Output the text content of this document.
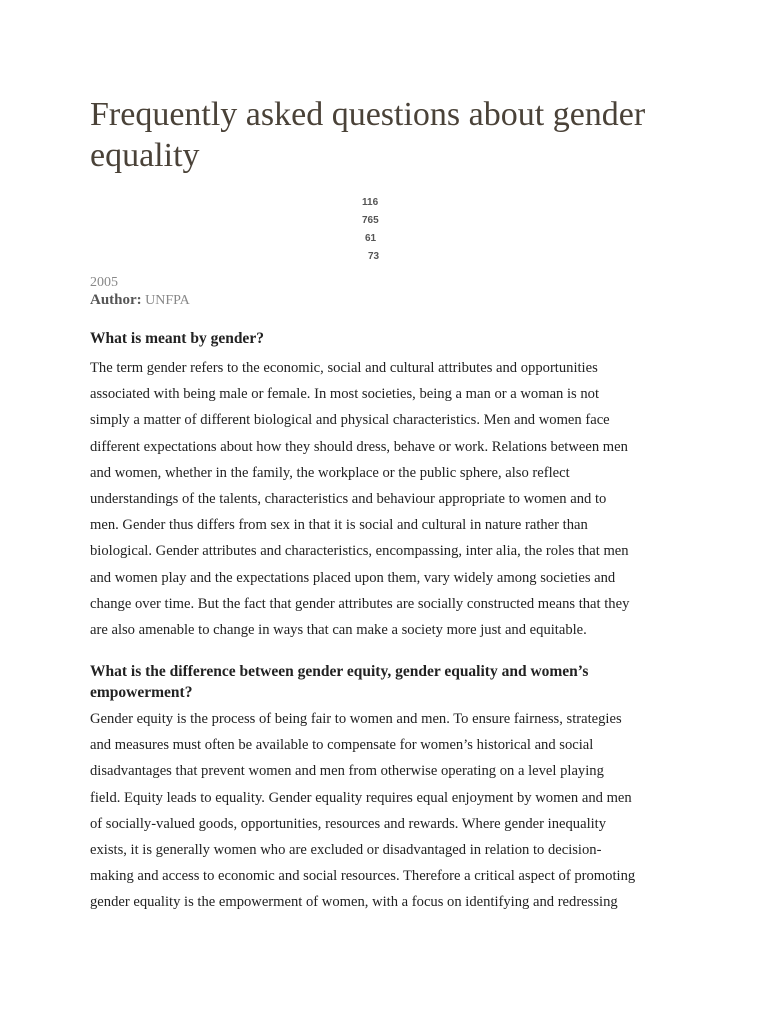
Frequently asked questions about gender equality
116
765
61
73
2005
Author: UNFPA
What is meant by gender?

The term gender refers to the economic, social and cultural attributes and opportunities
associated with being male or female. In most societies, being a man or a woman is not
simply a matter of different biological and physical characteristics. Men and women face
different expectations about how they should dress, behave or work. Relations between men
and women, whether in the family, the workplace or the public sphere, also reflect
understandings of the talents, characteristics and behaviour appropriate to women and to
men. Gender thus differs from sex in that it is social and cultural in nature rather than
biological. Gender attributes and characteristics, encompassing, inter alia, the roles that men
and women play and the expectations placed upon them, vary widely among societies and
change over time. But the fact that gender attributes are socially constructed means that they
are also amenable to change in ways that can make a society more just and equitable.

What is the difference between gender equity, gender equality and women’s empowerment?

Gender equity is the process of being fair to women and men. To ensure fairness, strategies
and measures must often be available to compensate for women’s historical and social
disadvantages that prevent women and men from otherwise operating on a level playing
field. Equity leads to equality. Gender equality requires equal enjoyment by women and men
of socially-valued goods, opportunities, resources and rewards. Where gender inequality
exists, it is generally women who are excluded or disadvantaged in relation to decision-
making and access to economic and social resources. Therefore a critical aspect of promoting
gender equality is the empowerment of women, with a focus on identifying and redressing
